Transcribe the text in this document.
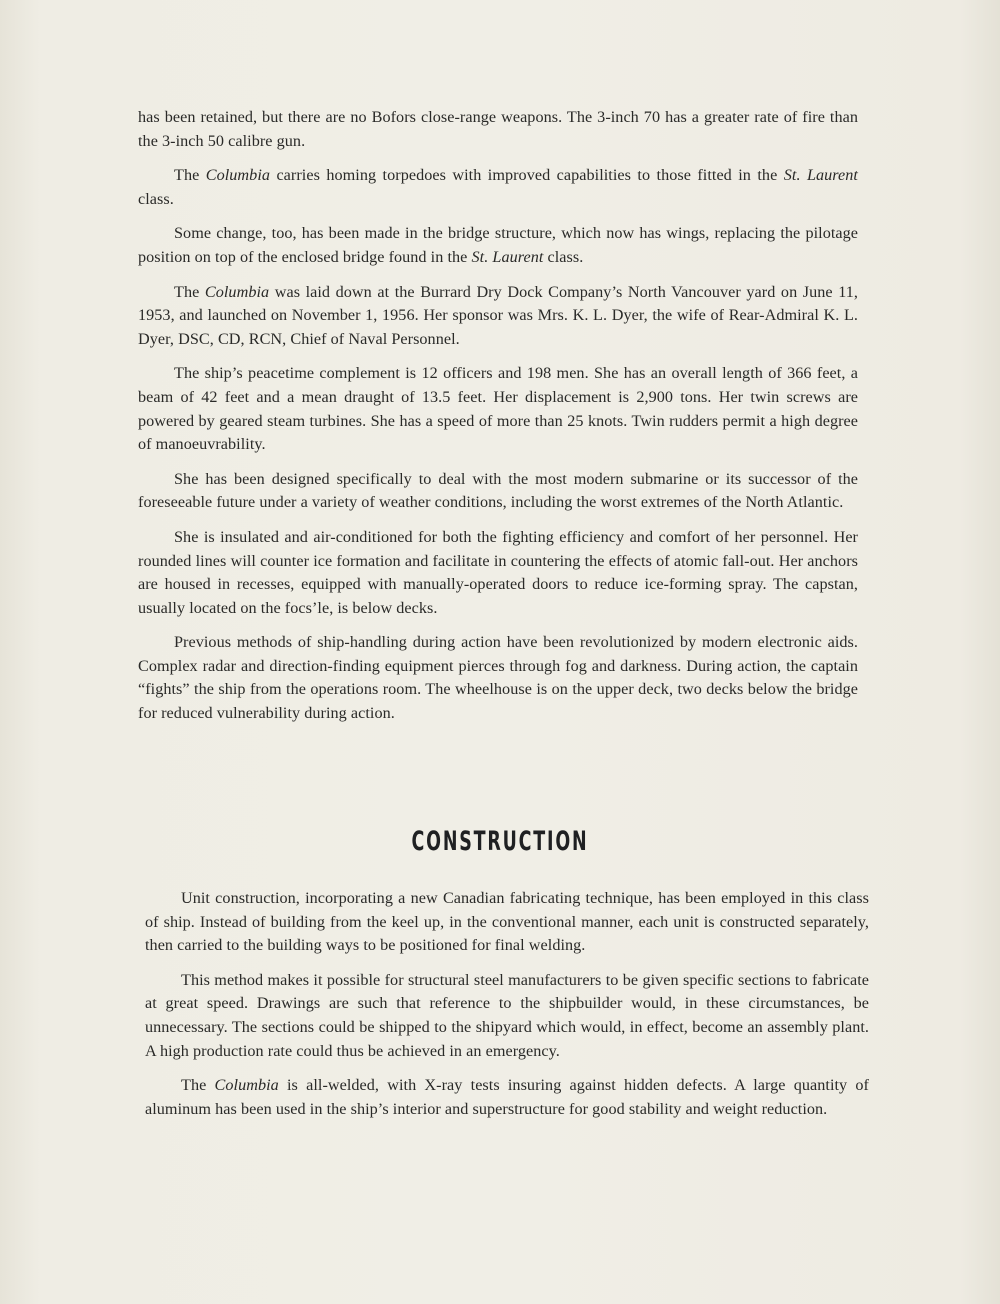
has been retained, but there are no Bofors close-range weapons. The 3-inch 70 has a greater rate of fire than the 3-inch 50 calibre gun.

The Columbia carries homing torpedoes with improved capabilities to those fitted in the St. Laurent class.

Some change, too, has been made in the bridge structure, which now has wings, replacing the pilotage position on top of the enclosed bridge found in the St. Laurent class.

The Columbia was laid down at the Burrard Dry Dock Company’s North Vancouver yard on June 11, 1953, and launched on November 1, 1956. Her sponsor was Mrs. K. L. Dyer, the wife of Rear-Admiral K. L. Dyer, DSC, CD, RCN, Chief of Naval Personnel.

The ship’s peacetime complement is 12 officers and 198 men. She has an overall length of 366 feet, a beam of 42 feet and a mean draught of 13.5 feet. Her displacement is 2,900 tons. Her twin screws are powered by geared steam turbines. She has a speed of more than 25 knots. Twin rudders permit a high degree of manoeuvrability.

She has been designed specifically to deal with the most modern submarine or its successor of the foreseeable future under a variety of weather conditions, including the worst extremes of the North Atlantic.

She is insulated and air-conditioned for both the fighting efficiency and comfort of her personnel. Her rounded lines will counter ice formation and facilitate in countering the effects of atomic fall-out. Her anchors are housed in recesses, equipped with manually-operated doors to reduce ice-forming spray. The capstan, usually located on the focs’le, is below decks.

Previous methods of ship-handling during action have been revolutionized by modern electronic aids. Complex radar and direction-finding equipment pierces through fog and darkness. During action, the captain “fights” the ship from the operations room. The wheelhouse is on the upper deck, two decks below the bridge for reduced vulnerability during action.

CONSTRUCTION

Unit construction, incorporating a new Canadian fabricating technique, has been employed in this class of ship. Instead of building from the keel up, in the conventional manner, each unit is constructed separately, then carried to the building ways to be positioned for final welding.

This method makes it possible for structural steel manufacturers to be given specific sections to fabricate at great speed. Drawings are such that reference to the shipbuilder would, in these circumstances, be unnecessary. The sections could be shipped to the shipyard which would, in effect, become an assembly plant. A high production rate could thus be achieved in an emergency.

The Columbia is all-welded, with X-ray tests insuring against hidden defects. A large quantity of aluminum has been used in the ship’s interior and superstructure for good stability and weight reduction.
